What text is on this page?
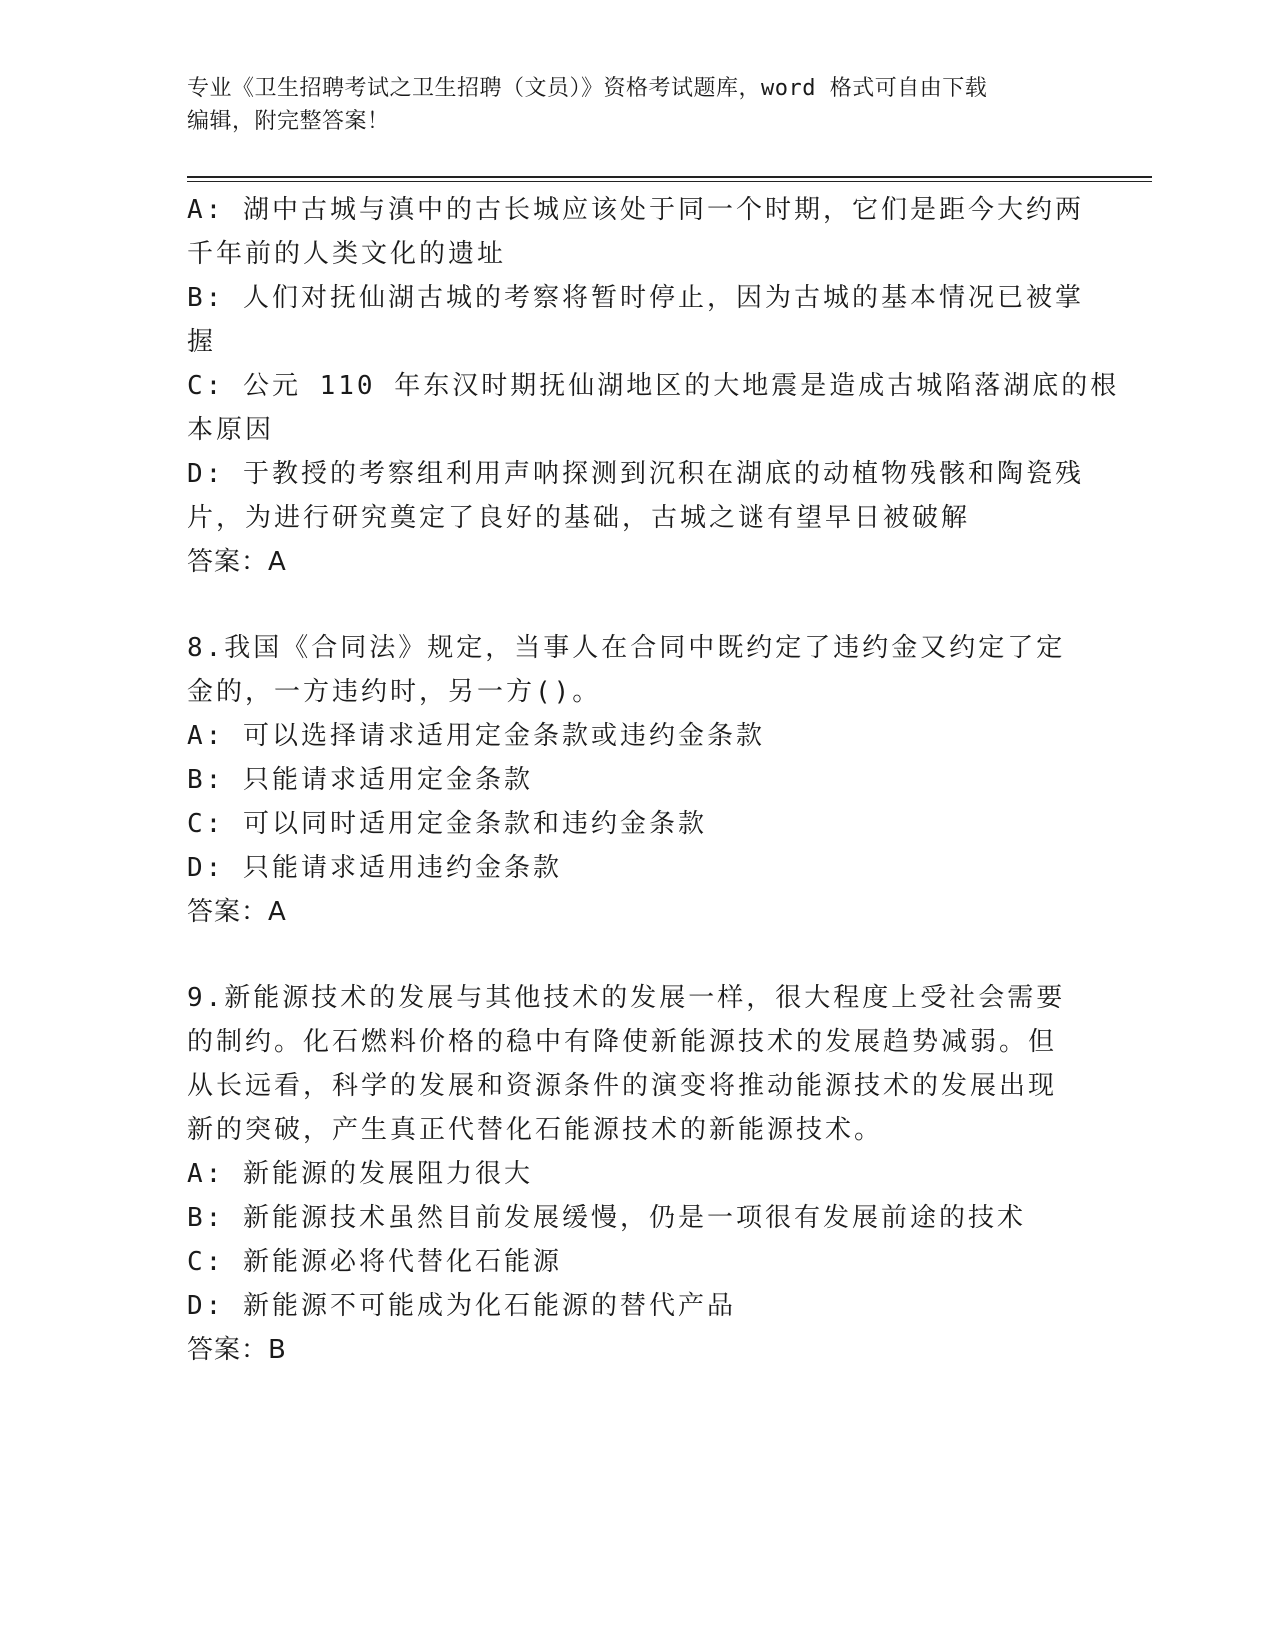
专业《卫生招聘考试之卫生招聘（文员）》资格考试题库，word 格式可自由下载
编辑，附完整答案！
A: 湖中古城与滇中的古长城应该处于同一个时期，它们是距今大约两
千年前的人类文化的遗址
B: 人们对抚仙湖古城的考察将暂时停止，因为古城的基本情况已被掌
握
C: 公元 110 年东汉时期抚仙湖地区的大地震是造成古城陷落湖底的根
本原因
D: 于教授的考察组利用声呐探测到沉积在湖底的动植物残骸和陶瓷残
片，为进行研究奠定了良好的基础，古城之谜有望早日被破解
答案：A
8.我国《合同法》规定，当事人在合同中既约定了违约金又约定了定
金的，一方违约时，另一方()。
A: 可以选择请求适用定金条款或违约金条款
B: 只能请求适用定金条款
C: 可以同时适用定金条款和违约金条款
D: 只能请求适用违约金条款
答案：A
9.新能源技术的发展与其他技术的发展一样，很大程度上受社会需要
的制约。化石燃料价格的稳中有降使新能源技术的发展趋势减弱。但
从长远看，科学的发展和资源条件的演变将推动能源技术的发展出现
新的突破，产生真正代替化石能源技术的新能源技术。
A: 新能源的发展阻力很大
B: 新能源技术虽然目前发展缓慢，仍是一项很有发展前途的技术
C: 新能源必将代替化石能源
D: 新能源不可能成为化石能源的替代产品
答案：B
